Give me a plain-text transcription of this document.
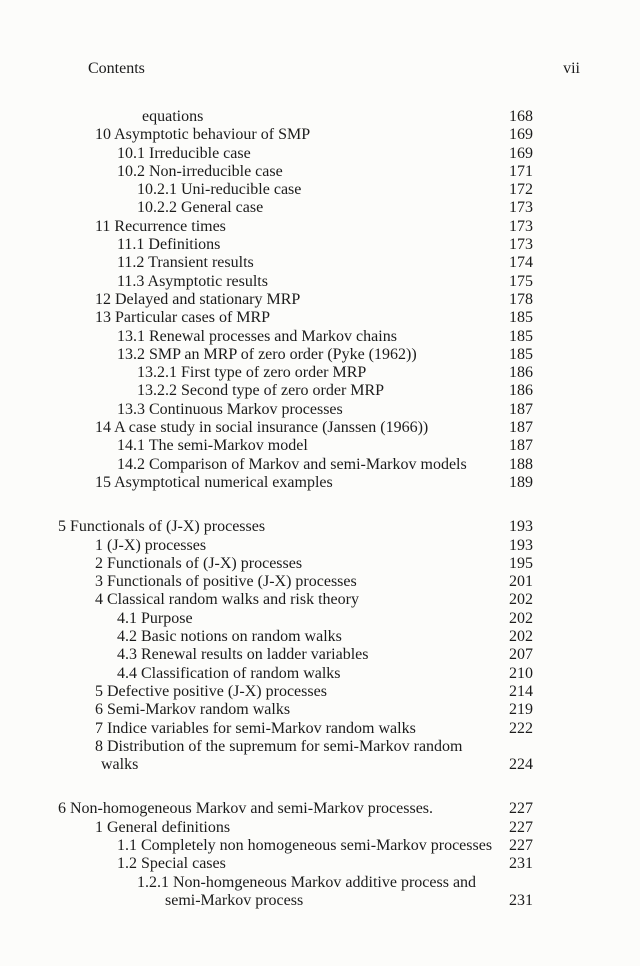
Contents	vii
equations	168
10 Asymptotic behaviour of SMP	169
10.1 Irreducible case	169
10.2 Non-irreducible case	171
10.2.1 Uni-reducible case	172
10.2.2 General case	173
11 Recurrence times	173
11.1 Definitions	173
11.2 Transient results	174
11.3 Asymptotic results	175
12 Delayed and stationary MRP	178
13 Particular cases of MRP	185
13.1 Renewal processes and Markov chains	185
13.2 SMP an MRP of zero order (Pyke (1962))	185
13.2.1 First type of zero order MRP	186
13.2.2 Second type of zero order MRP	186
13.3 Continuous Markov processes	187
14 A case study in social insurance (Janssen (1966))	187
14.1 The semi-Markov model	187
14.2 Comparison of Markov and semi-Markov models	188
15 Asymptotical numerical examples	189
5 Functionals of (J-X) processes	193
1 (J-X) processes	193
2 Functionals of (J-X) processes	195
3 Functionals of positive (J-X) processes	201
4 Classical random walks and risk theory	202
4.1 Purpose	202
4.2 Basic notions on random walks	202
4.3 Renewal results on ladder variables	207
4.4 Classification of random walks	210
5 Defective positive (J-X) processes	214
6 Semi-Markov random walks	219
7 Indice variables for semi-Markov random walks	222
8 Distribution of the supremum for semi-Markov random
walks	224
6 Non-homogeneous Markov and semi-Markov processes.	227
1 General definitions	227
1.1 Completely non homogeneous semi-Markov processes	227
1.2 Special cases	231
1.2.1 Non-homgeneous Markov additive process and
semi-Markov process	231
